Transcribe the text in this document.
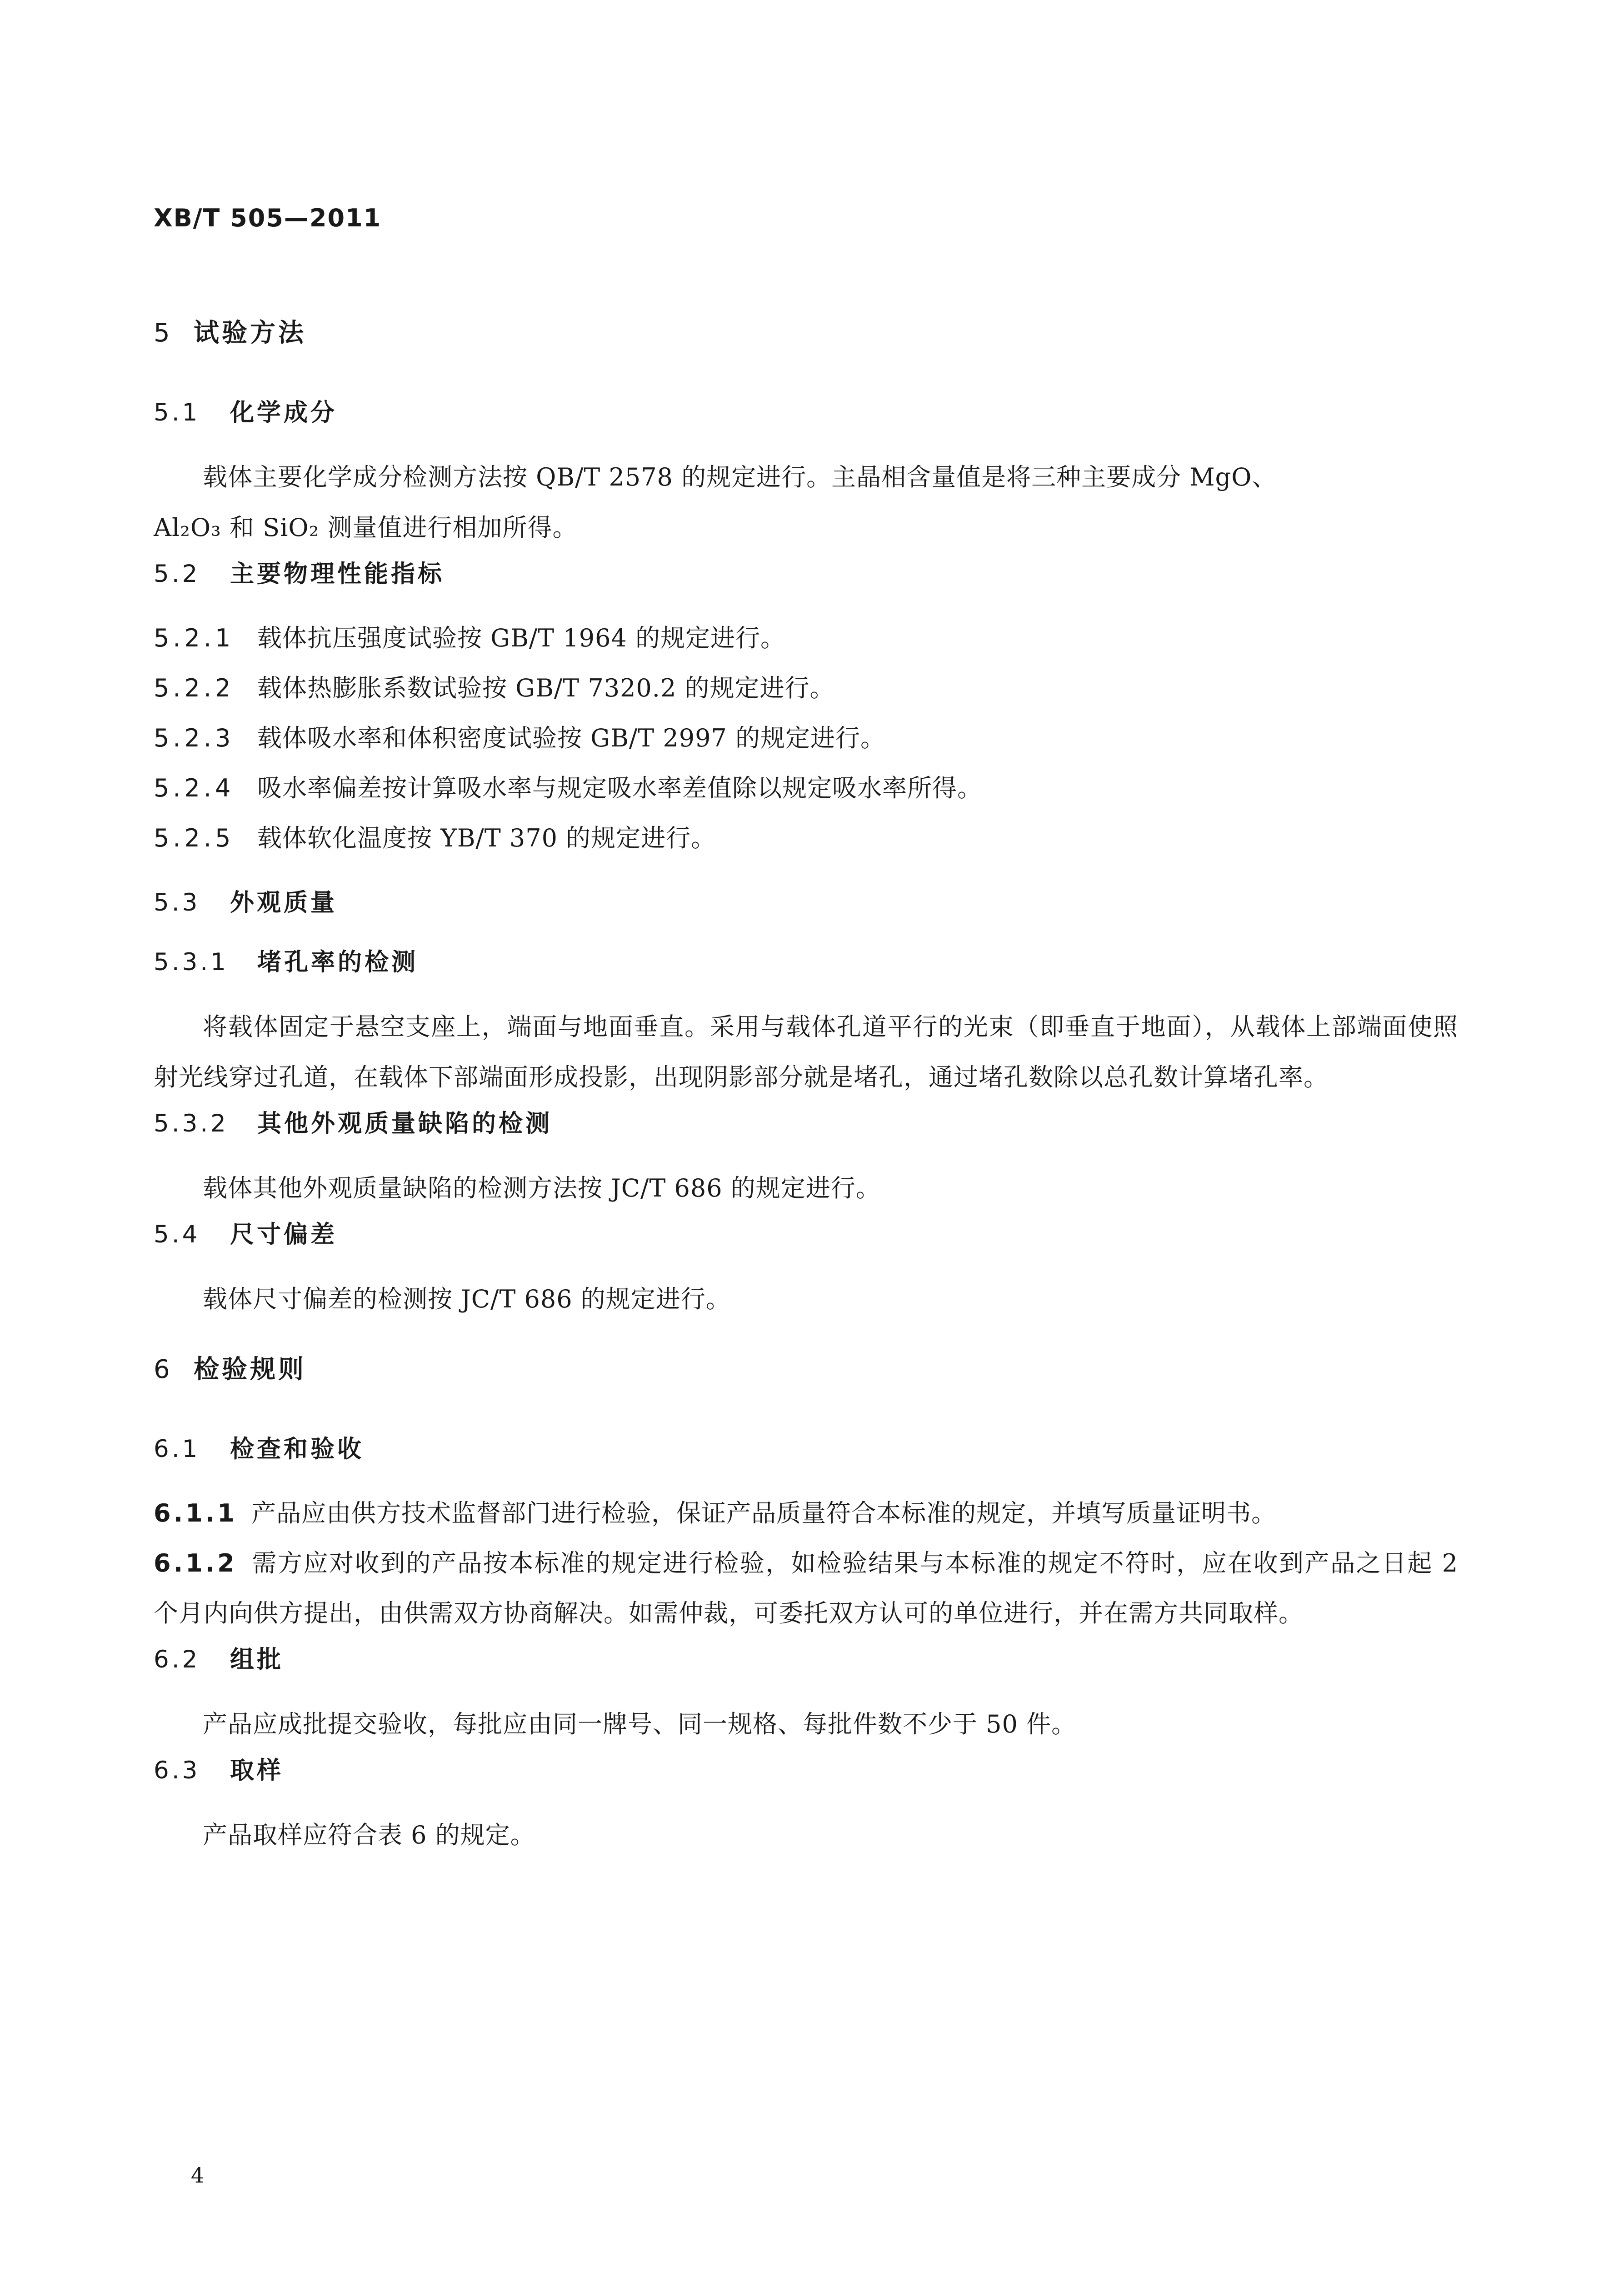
XB/T 505—2011
5 试验方法
5.1 化学成分
载体主要化学成分检测方法按 QB/T 2578 的规定进行。主晶相含量值是将三种主要成分 MgO、
Al₂O₃ 和 SiO₂ 测量值进行相加所得。
5.2 主要物理性能指标
5.2.1 载体抗压强度试验按 GB/T 1964 的规定进行。
5.2.2 载体热膨胀系数试验按 GB/T 7320.2 的规定进行。
5.2.3 载体吸水率和体积密度试验按 GB/T 2997 的规定进行。
5.2.4 吸水率偏差按计算吸水率与规定吸水率差值除以规定吸水率所得。
5.2.5 载体软化温度按 YB/T 370 的规定进行。
5.3 外观质量
5.3.1 堵孔率的检测
将载体固定于悬空支座上，端面与地面垂直。采用与载体孔道平行的光束（即垂直于地面），从载体上部端面使照射光线穿过孔道，在载体下部端面形成投影，出现阴影部分就是堵孔，通过堵孔数除以总孔数计算堵孔率。
5.3.2 其他外观质量缺陷的检测
载体其他外观质量缺陷的检测方法按 JC/T 686 的规定进行。
5.4 尺寸偏差
载体尺寸偏差的检测按 JC/T 686 的规定进行。
6 检验规则
6.1 检查和验收
6.1.1 产品应由供方技术监督部门进行检验，保证产品质量符合本标准的规定，并填写质量证明书。
6.1.2 需方应对收到的产品按本标准的规定进行检验，如检验结果与本标准的规定不符时，应在收到产品之日起 2 个月内向供方提出，由供需双方协商解决。如需仲裁，可委托双方认可的单位进行，并在需方共同取样。
6.2 组批
产品应成批提交验收，每批应由同一牌号、同一规格、每批件数不少于 50 件。
6.3 取样
产品取样应符合表 6 的规定。
4
